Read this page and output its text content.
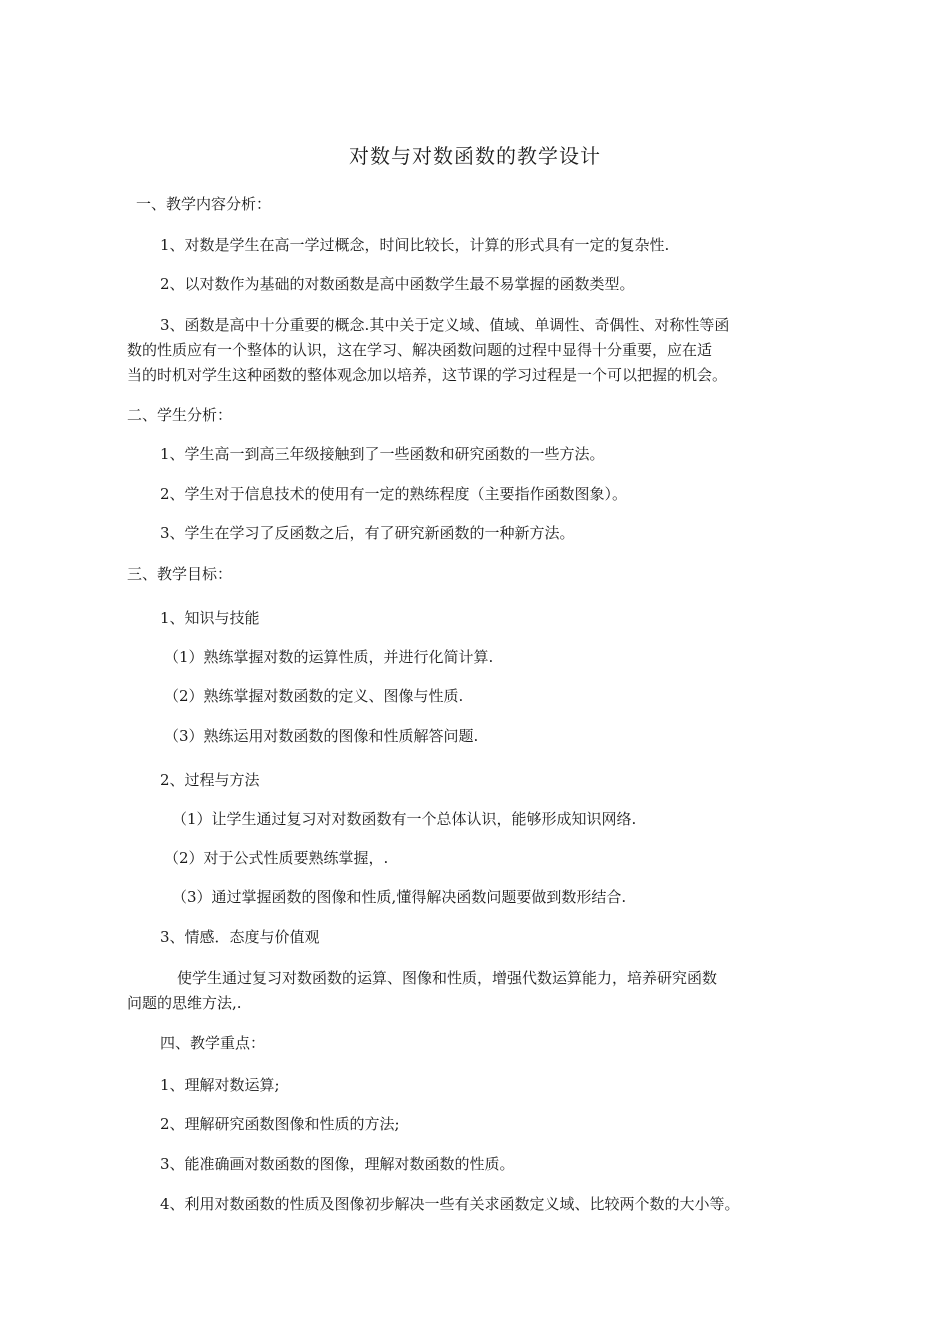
对数与对数函数的教学设计
一、教学内容分析：
1、对数是学生在高一学过概念，时间比较长，计算的形式具有一定的复杂性.
2、以对数作为基础的对数函数是高中函数学生最不易掌握的函数类型。
3、函数是高中十分重要的概念.其中关于定义域、值域、单调性、奇偶性、对称性等函
数的性质应有一个整体的认识，这在学习、解决函数问题的过程中显得十分重要，应在适
当的时机对学生这种函数的整体观念加以培养，这节课的学习过程是一个可以把握的机会。
二、学生分析：
1、学生高一到高三年级接触到了一些函数和研究函数的一些方法。
2、学生对于信息技术的使用有一定的熟练程度（主要指作函数图象）。
3、学生在学习了反函数之后，有了研究新函数的一种新方法。
三、教学目标：
1、知识与技能
（1）熟练掌握对数的运算性质，并进行化简计算.
（2）熟练掌握对数函数的定义、图像与性质.
（3）熟练运用对数函数的图像和性质解答问题.
2、过程与方法
（1）让学生通过复习对对数函数有一个总体认识，能够形成知识网络.
（2）对于公式性质要熟练掌握，.
（3）通过掌握函数的图像和性质,懂得解决函数问题要做到数形结合.
3、情感．态度与价值观
使学生通过复习对数函数的运算、图像和性质，增强代数运算能力，培养研究函数
问题的思维方法,.
四、教学重点：
1、理解对数运算;
2、理解研究函数图像和性质的方法;
3、能准确画对数函数的图像，理解对数函数的性质。
4、利用对数函数的性质及图像初步解决一些有关求函数定义域、比较两个数的大小等。
